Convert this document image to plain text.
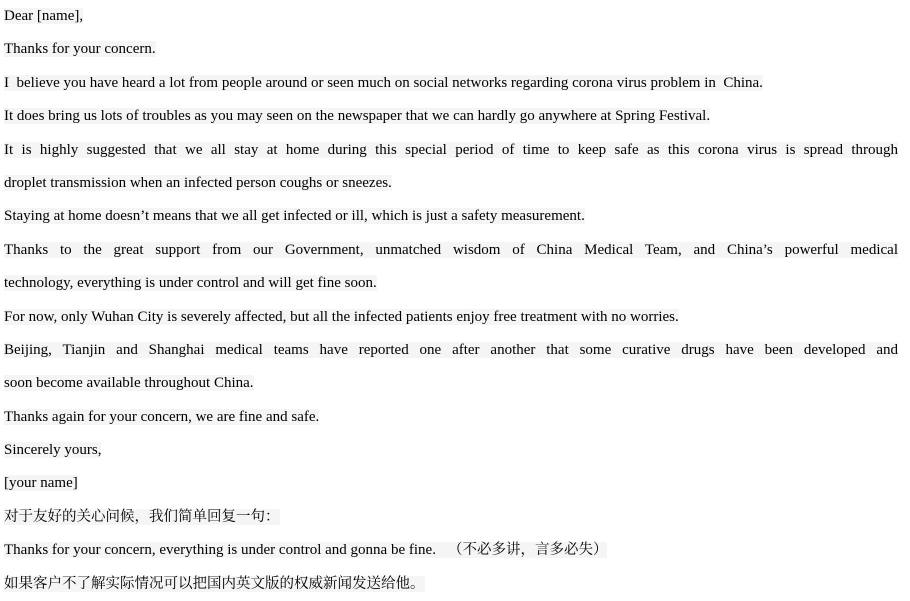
Dear [name],
Thanks for your concern.
I  believe you have heard a lot from people around or seen much on social networks regarding corona virus problem in  China.
It does bring us lots of troubles as you may seen on the newspaper that we can hardly go anywhere at Spring Festival.
It is highly suggested that we all stay at home during this special period of time to keep safe as this corona virus is spread through
droplet transmission when an infected person coughs or sneezes.
Staying at home doesn’t means that we all get infected or ill, which is just a safety measurement.
Thanks to the great support from our Government, unmatched wisdom of China Medical Team, and China’s powerful medical
technology, everything is under control and will get fine soon.
For now, only Wuhan City is severely affected, but all the infected patients enjoy free treatment with no worries.
Beijing, Tianjin and Shanghai medical teams have reported one after another that some curative drugs have been developed and
soon become available throughout China.
Thanks again for your concern, we are fine and safe.
Sincerely yours,
[your name]
对于友好的关心问候，我们简单回复一句：
Thanks for your concern, everything is under control and gonna be fine. （不必多讲，言多必失）
如果客户不了解实际情况可以把国内英文版的权威新闻发送给他。
